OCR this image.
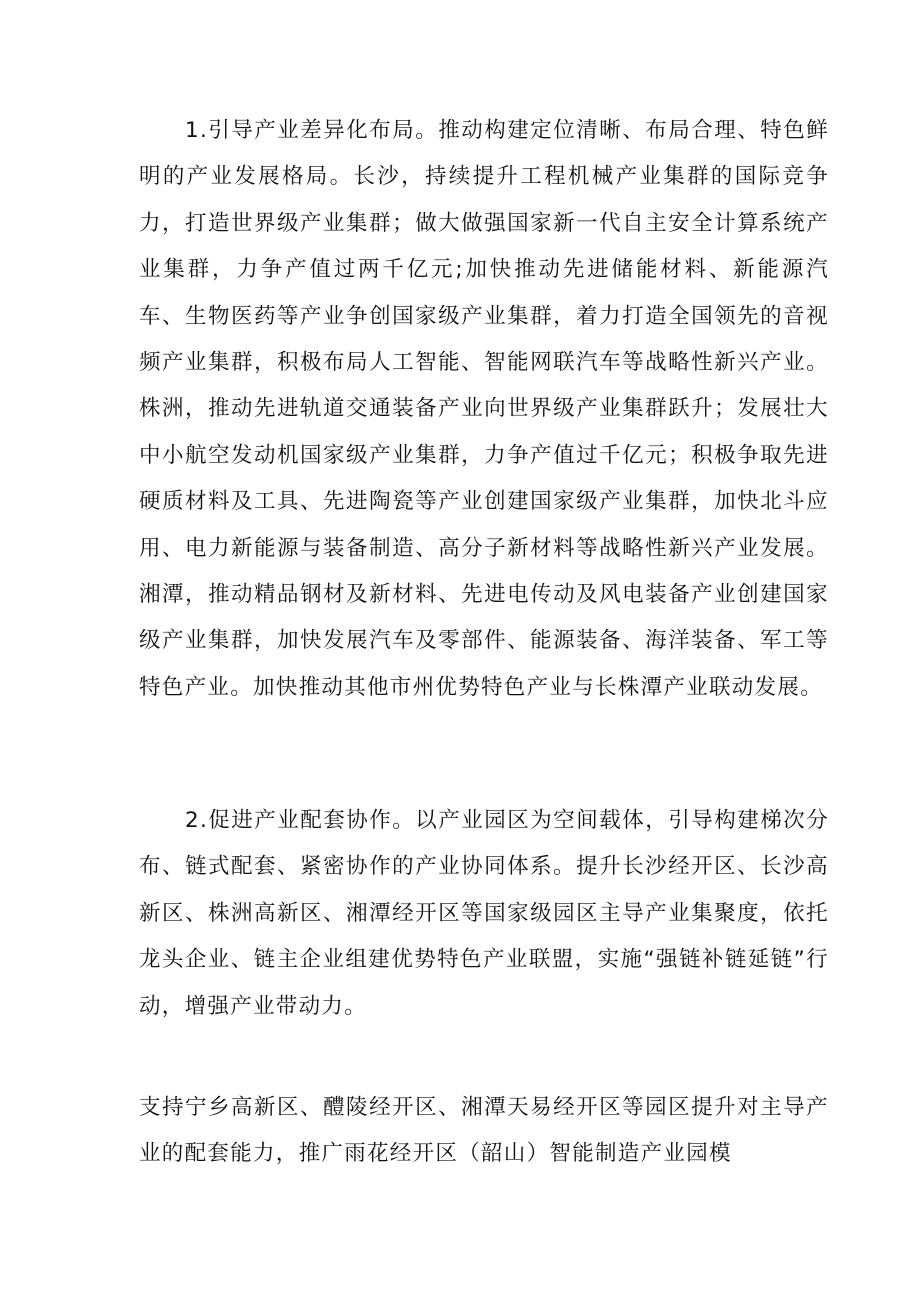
1.引导产业差异化布局。推动构建定位清晰、布局合理、特色鲜明的产业发展格局。长沙，持续提升工程机械产业集群的国际竞争力，打造世界级产业集群；做大做强国家新一代自主安全计算系统产业集群，力争产值过两千亿元;加快推动先进储能材料、新能源汽车、生物医药等产业争创国家级产业集群，着力打造全国领先的音视频产业集群，积极布局人工智能、智能网联汽车等战略性新兴产业。株洲，推动先进轨道交通装备产业向世界级产业集群跃升；发展壮大中小航空发动机国家级产业集群，力争产值过千亿元；积极争取先进硬质材料及工具、先进陶瓷等产业创建国家级产业集群，加快北斗应用、电力新能源与装备制造、高分子新材料等战略性新兴产业发展。湘潭，推动精品钢材及新材料、先进电传动及风电装备产业创建国家级产业集群，加快发展汽车及零部件、能源装备、海洋装备、军工等特色产业。加快推动其他市州优势特色产业与长株潭产业联动发展。

2.促进产业配套协作。以产业园区为空间载体，引导构建梯次分布、链式配套、紧密协作的产业协同体系。提升长沙经开区、长沙高新区、株洲高新区、湘潭经开区等国家级园区主导产业集聚度，依托龙头企业、链主企业组建优势特色产业联盟，实施“强链补链延链”行动，增强产业带动力。

支持宁乡高新区、醴陵经开区、湘潭天易经开区等园区提升对主导产业的配套能力，推广雨花经开区（韶山）智能制造产业园模
